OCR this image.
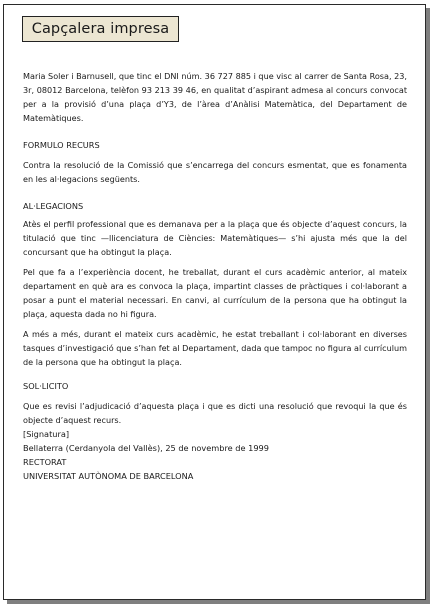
Capçalera impresa

Maria Soler i Barnusell, que tinc el DNI núm. 36 727 885 i que visc al carrer de Santa Rosa, 23, 3r, 08012 Barcelona, telèfon 93 213 39 46, en qualitat d’aspirant admesa al concurs convocat per a la provisió d’una plaça d’Y3, de l’àrea d’Anàlisi Matemàtica, del Departament de Matemàtiques.

FORMULO RECURS

Contra la resolució de la Comissió que s’encarrega del concurs esmentat, que es fonamenta en les al·legacions següents.

AL·LEGACIONS

Atès el perfil professional que es demanava per a la plaça que és objecte d’aquest concurs, la titulació que tinc —llicenciatura de Ciències: Matemàtiques— s’hi ajusta més que la del concursant que ha obtingut la plaça.

Pel que fa a l’experiència docent, he treballat, durant el curs acadèmic anterior, al mateix departament en què ara es convoca la plaça, impartint classes de pràctiques i col·laborant a posar a punt el material necessari. En canvi, al currículum de la persona que ha obtingut la plaça, aquesta dada no hi figura.

A més a més, durant el mateix curs acadèmic, he estat treballant i col·laborant en diverses tasques d’investigació que s’han fet al Departament, dada que tampoc no figura al currículum de la persona que ha obtingut la plaça.

SOL·LICITO

Que es revisi l’adjudicació d’aquesta plaça i que es dicti una resolució que revoqui la que és objecte d’aquest recurs.

[Signatura]

Bellaterra (Cerdanyola del Vallès), 25 de novembre de 1999

RECTORAT

UNIVERSITAT AUTÒNOMA DE BARCELONA
